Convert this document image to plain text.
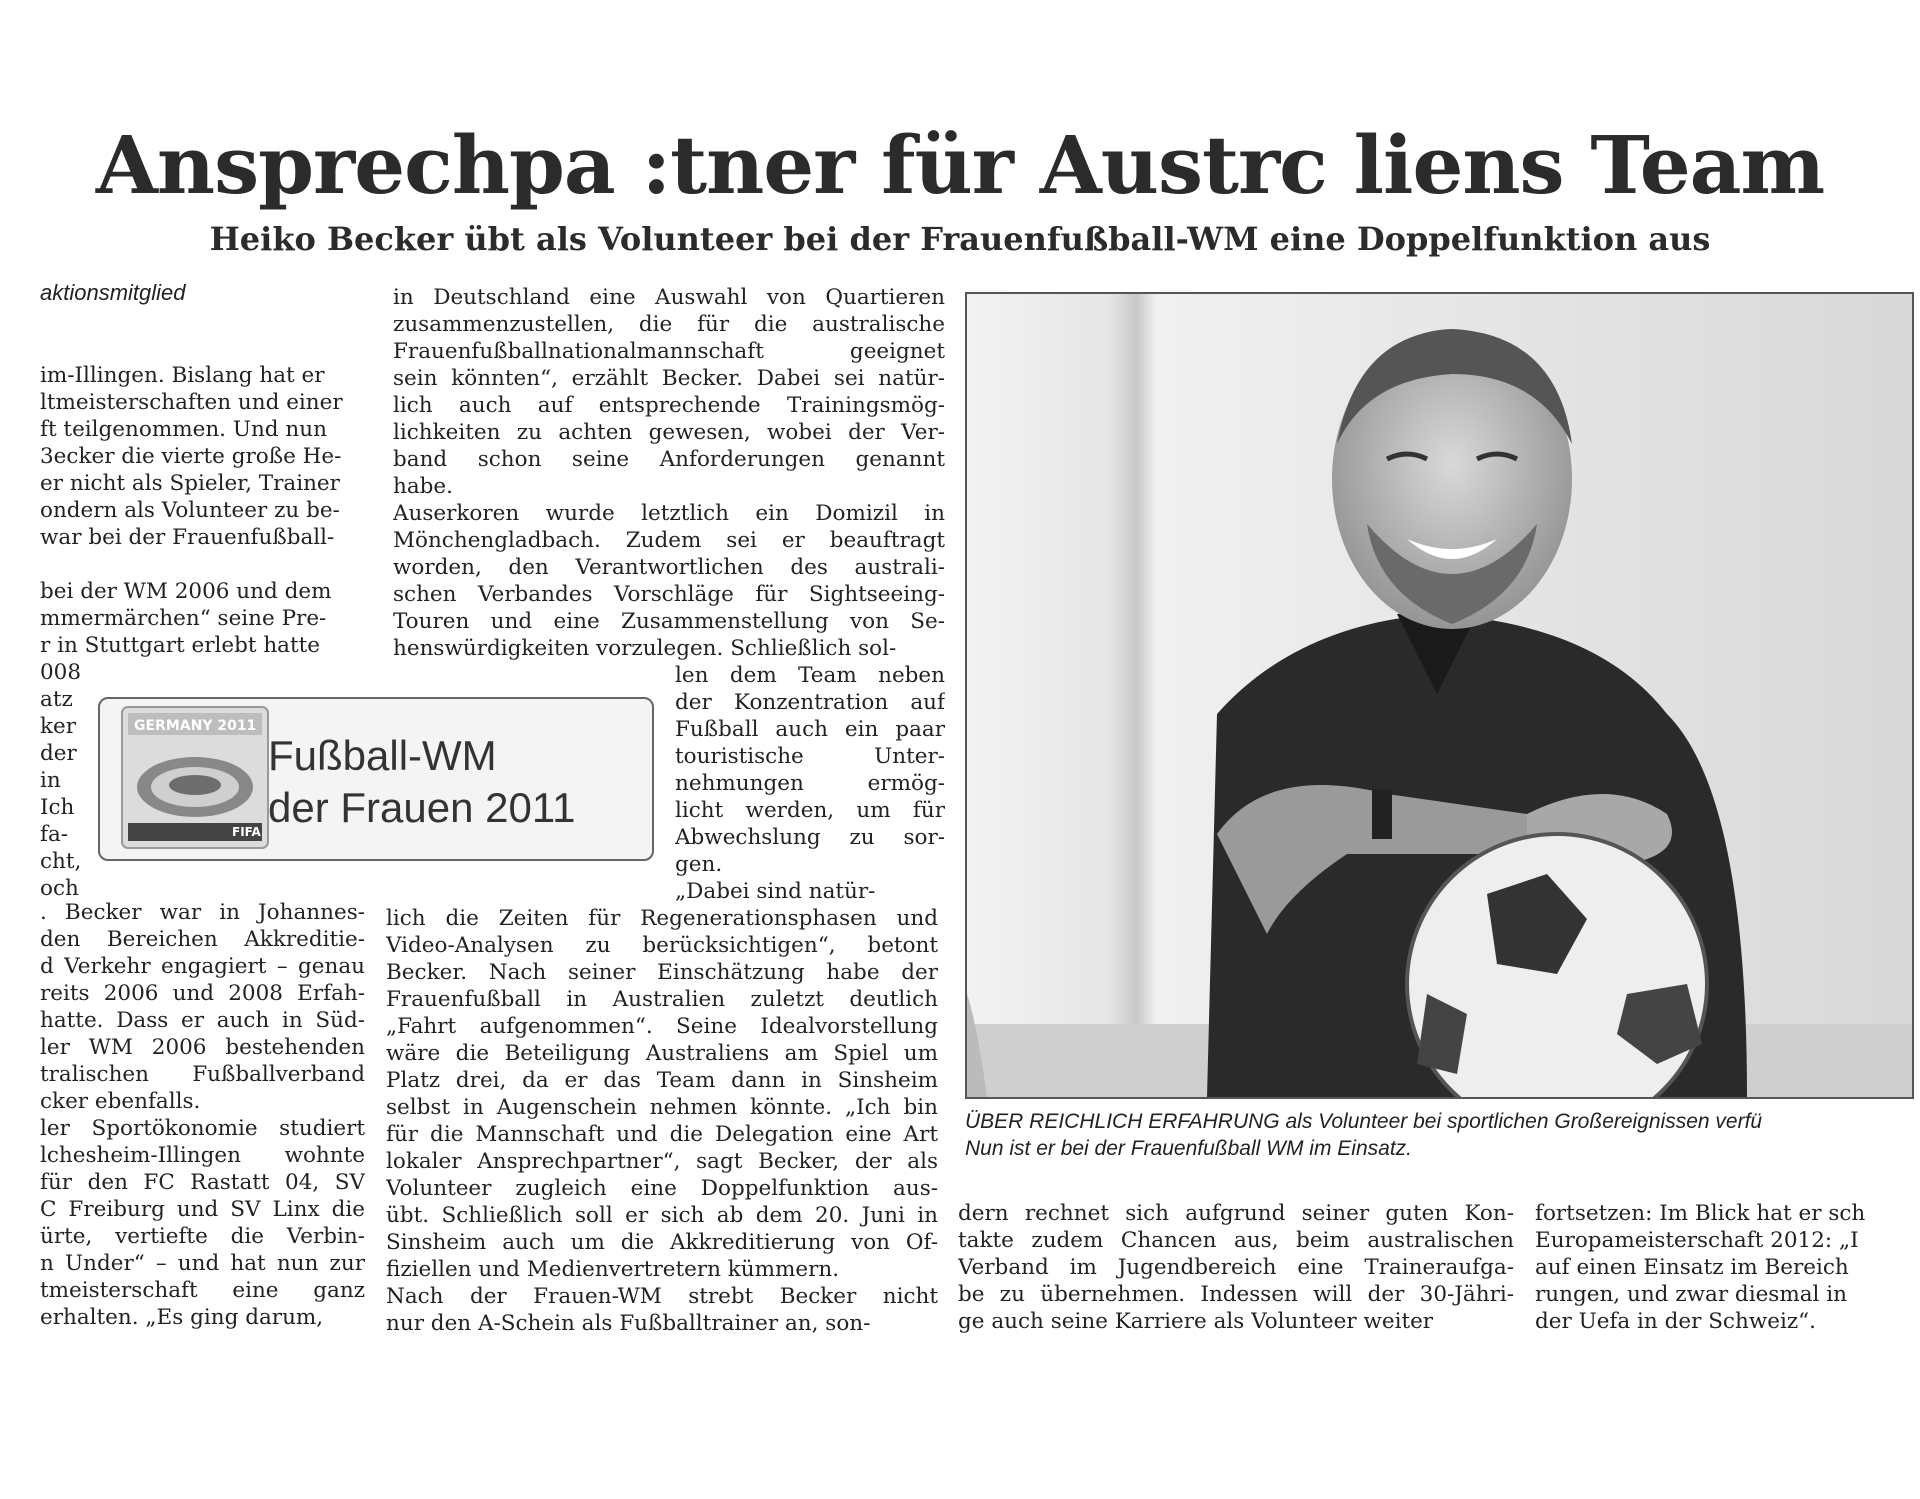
Ansprechpa :tner für Austrc liens Team
Heiko Becker übt als Volunteer bei der Frauenfußball-WM eine Doppelfunktion aus
aktionsmitglied

im-Illingen. Bislang hat er

ltmeisterschaften und einer

ft teilgenommen. Und nun

3ecker die vierte große He-

er nicht als Spieler, Trainer

ondern als Volunteer zu be-

war bei der Frauenfußball-

bei der WM 2006 und dem

mmermärchen“ seine Pre-

r in Stuttgart erlebt hatte

008

atz

ker

der

in

Ich

fa-

cht,

och

. Becker war in Johannes-

den Bereichen Akkreditie-

d Verkehr engagiert – genau

reits 2006 und 2008 Erfah-

hatte. Dass er auch in Süd-

ler WM 2006 bestehenden

tralischen Fußballverband

cker ebenfalls.

ler Sportökonomie studiert

lchesheim-Illingen wohnte

für den FC Rastatt 04, SV

C Freiburg und SV Linx die

ürte, vertiefte die Verbin-

n Under“ – und hat nun zur

tmeisterschaft eine ganz

erhalten. „Es ging darum,

in Deutschland eine Auswahl von Quartieren

zusammenzustellen, die für die australische

Frauenfußballnationalmannschaft geeignet

sein könnten“, erzählt Becker. Dabei sei natür-

lich auch auf entsprechende Trainingsmög-

lichkeiten zu achten gewesen, wobei der Ver-

band schon seine Anforderungen genannt

habe.

Auserkoren wurde letztlich ein Domizil in

Mönchengladbach. Zudem sei er beauftragt

worden, den Verantwortlichen des australi-

schen Verbandes Vorschläge für Sightseeing-

Touren und eine Zusammenstellung von Se-

henswürdigkeiten vorzulegen. Schließlich sol-

len dem Team neben

der Konzentration auf

Fußball auch ein paar

touristische Unter-

nehmungen ermög-

licht werden, um für

Abwechslung zu sor-

gen.

„Dabei sind natür-

lich die Zeiten für Regenerationsphasen und

Video-Analysen zu berücksichtigen“, betont

Becker. Nach seiner Einschätzung habe der

Frauenfußball in Australien zuletzt deutlich

„Fahrt aufgenommen“. Seine Idealvorstellung

wäre die Beteiligung Australiens am Spiel um

Platz drei, da er das Team dann in Sinsheim

selbst in Augenschein nehmen könnte. „Ich bin

für die Mannschaft und die Delegation eine Art

lokaler Ansprechpartner“, sagt Becker, der als

Volunteer zugleich eine Doppelfunktion aus-

übt. Schließlich soll er sich ab dem 20. Juni in

Sinsheim auch um die Akkreditierung von Of-

fiziellen und Medienvertretern kümmern.

Nach der Frauen-WM strebt Becker nicht

nur den A-Schein als Fußballtrainer an, son-

dern rechnet sich aufgrund seiner guten Kon-

takte zudem Chancen aus, beim australischen

Verband im Jugendbereich eine Traineraufga-

be zu übernehmen. Indessen will der 30-Jähri-

ge auch seine Karriere als Volunteer weiter

fortsetzen: Im Blick hat er sch

Europameisterschaft 2012: „I

auf einen Einsatz im Bereich

rungen, und zwar diesmal in

der Uefa in der Schweiz“.

GERMANY 2011
FIFA
Fußball-WM
der Frauen 2011

ÜBER REICHLICH ERFAHRUNG als Volunteer bei sportlichen Großereignissen verfü

Nun ist er bei der Frauenfußball WM im Einsatz.
